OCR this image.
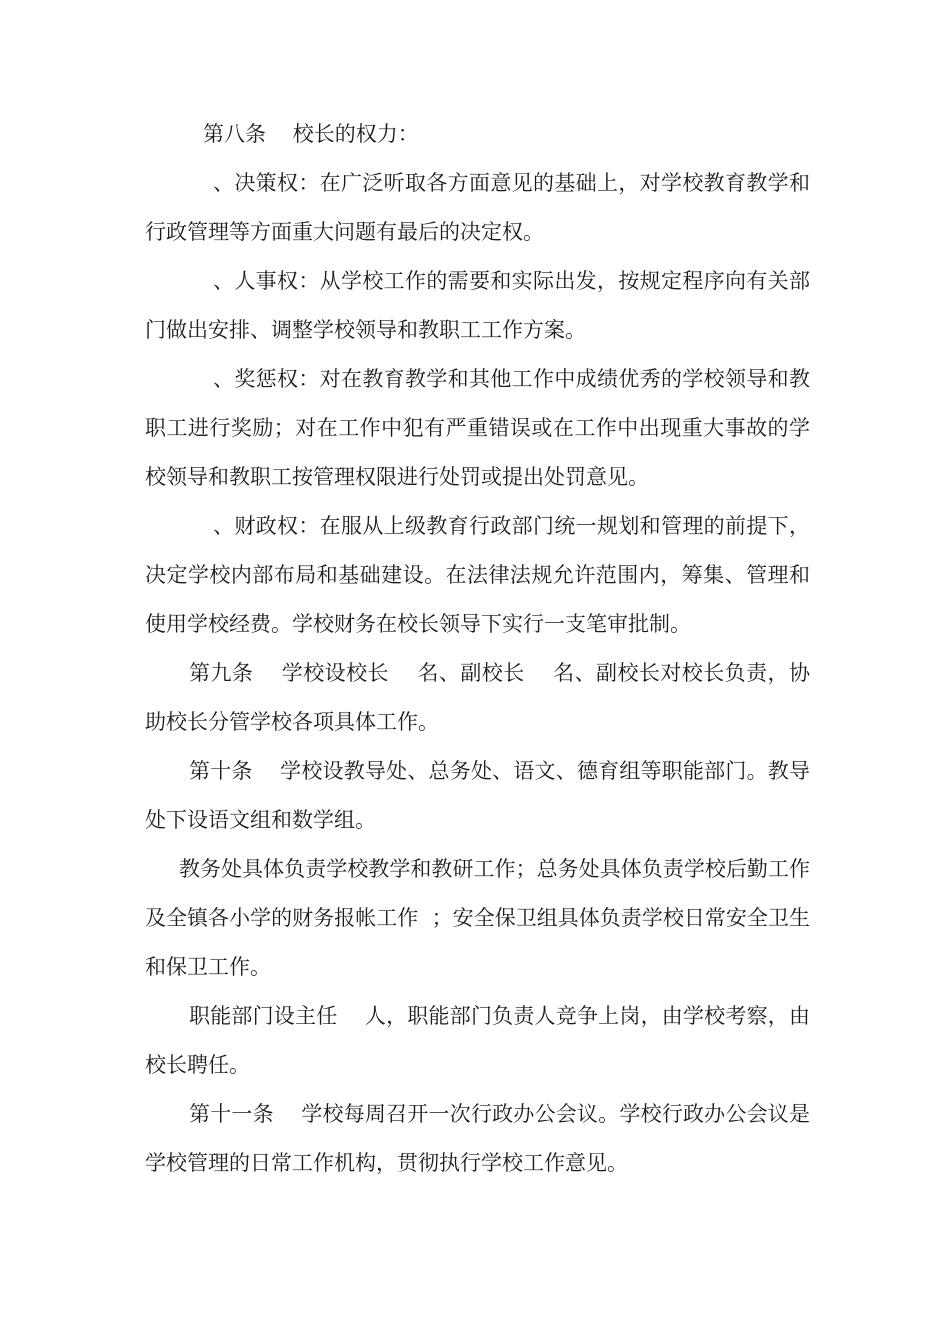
第八条    校长的权力：

、决策权：在广泛听取各方面意见的基础上，对学校教育教学和行政管理等方面重大问题有最后的决定权。

、人事权：从学校工作的需要和实际出发，按规定程序向有关部门做出安排、调整学校领导和教职工工作方案。

、奖惩权：对在教育教学和其他工作中成绩优秀的学校领导和教职工进行奖励；对在工作中犯有严重错误或在工作中出现重大事故的学校领导和教职工按管理权限进行处罚或提出处罚意见。

、财政权：在服从上级教育行政部门统一规划和管理的前提下，决定学校内部布局和基础建设。在法律法规允许范围内，筹集、管理和使用学校经费。学校财务在校长领导下实行一支笔审批制。

第九条    学校设校长    名、副校长    名、副校长对校长负责，协助校长分管学校各项具体工作。

第十条    学校设教导处、总务处、语文、德育组等职能部门。教导处下设语文组和数学组。

教务处具体负责学校教学和教研工作；总务处具体负责学校后勤工作及全镇各小学的财务报帐工作  ；安全保卫组具体负责学校日常安全卫生和保卫工作。

职能部门设主任    人，职能部门负责人竞争上岗，由学校考察，由校长聘任。

第十一条    学校每周召开一次行政办公会议。学校行政办公会议是学校管理的日常工作机构，贯彻执行学校工作意见。
